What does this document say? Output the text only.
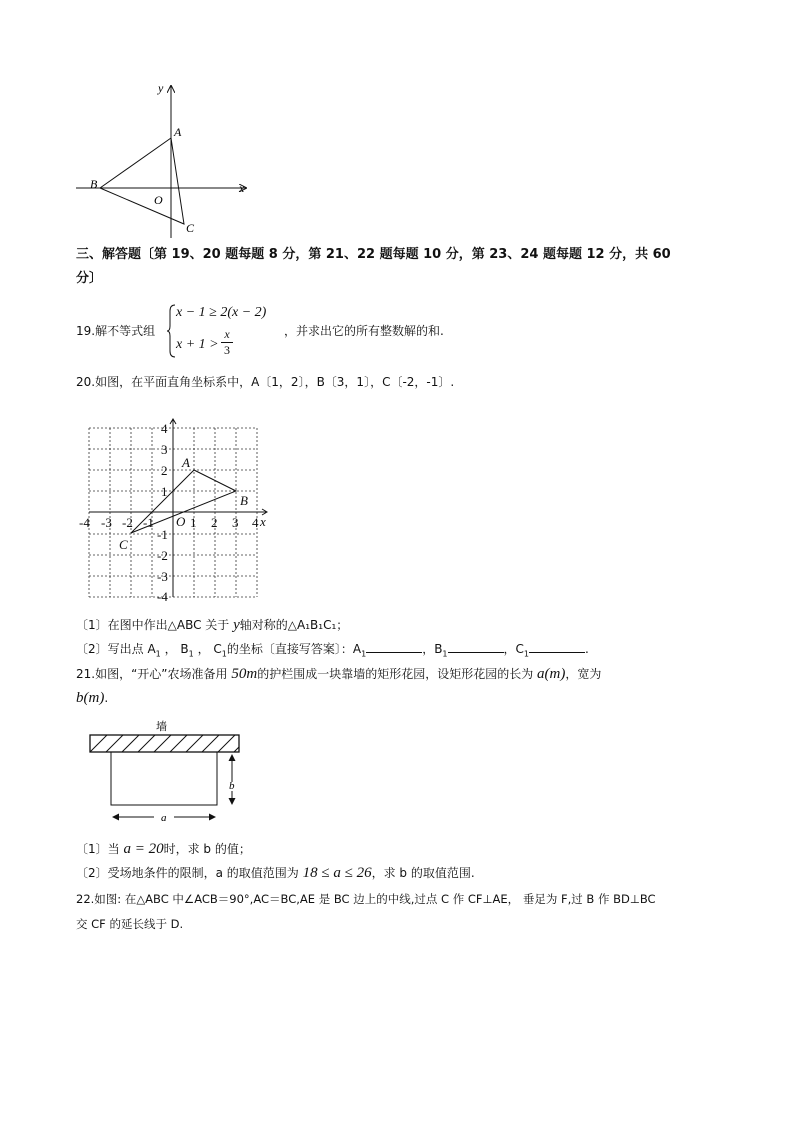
x
y
A
B
C
O
三、解答题〔第 19、20 题每题 8 分，第 21、22 题每题 10 分，第 23、24 题每题 12 分，共 60
分〕
19.解不等式组
x − 1 ≥ 2(x − 2)
x + 1 >
x
3
，并求出它的所有整数解的和.
20.如图，在平面直角坐标系中，A〔1，2〕，B〔3，1〕，C〔-2，-1〕.
-4 -3 -2 -1	1 2 3 4
4
3
2
1
-1
-2
-3
-4
x
O
A
B
C
〔1〕在图中作出△ABC 关于 y轴对称的△A₁B₁C₁；
〔2〕写出点 $A_1$ ， $B_1$ ， $C_1$的坐标〔直接写答案〕：$A_1$	，$B_1$	，$C_1$	.
21.如图，“开心”农场准备用 50m的护栏围成一块靠墙的矩形花园，设矩形花园的长为 a(m)，宽为
b(m).
墙
b
a
〔1〕当 a = 20时，求 b 的值；
〔2〕受场地条件的限制，a 的取值范围为 18 ≤ a ≤ 26，求 b 的取值范围.
22.如图: 在△ABC 中∠ACB＝90°,AC＝BC,AE 是 BC 边上的中线,过点 C 作 CF⊥AE， 垂足为 F,过 B 作 BD⊥BC
交 CF 的延长线于 D.
